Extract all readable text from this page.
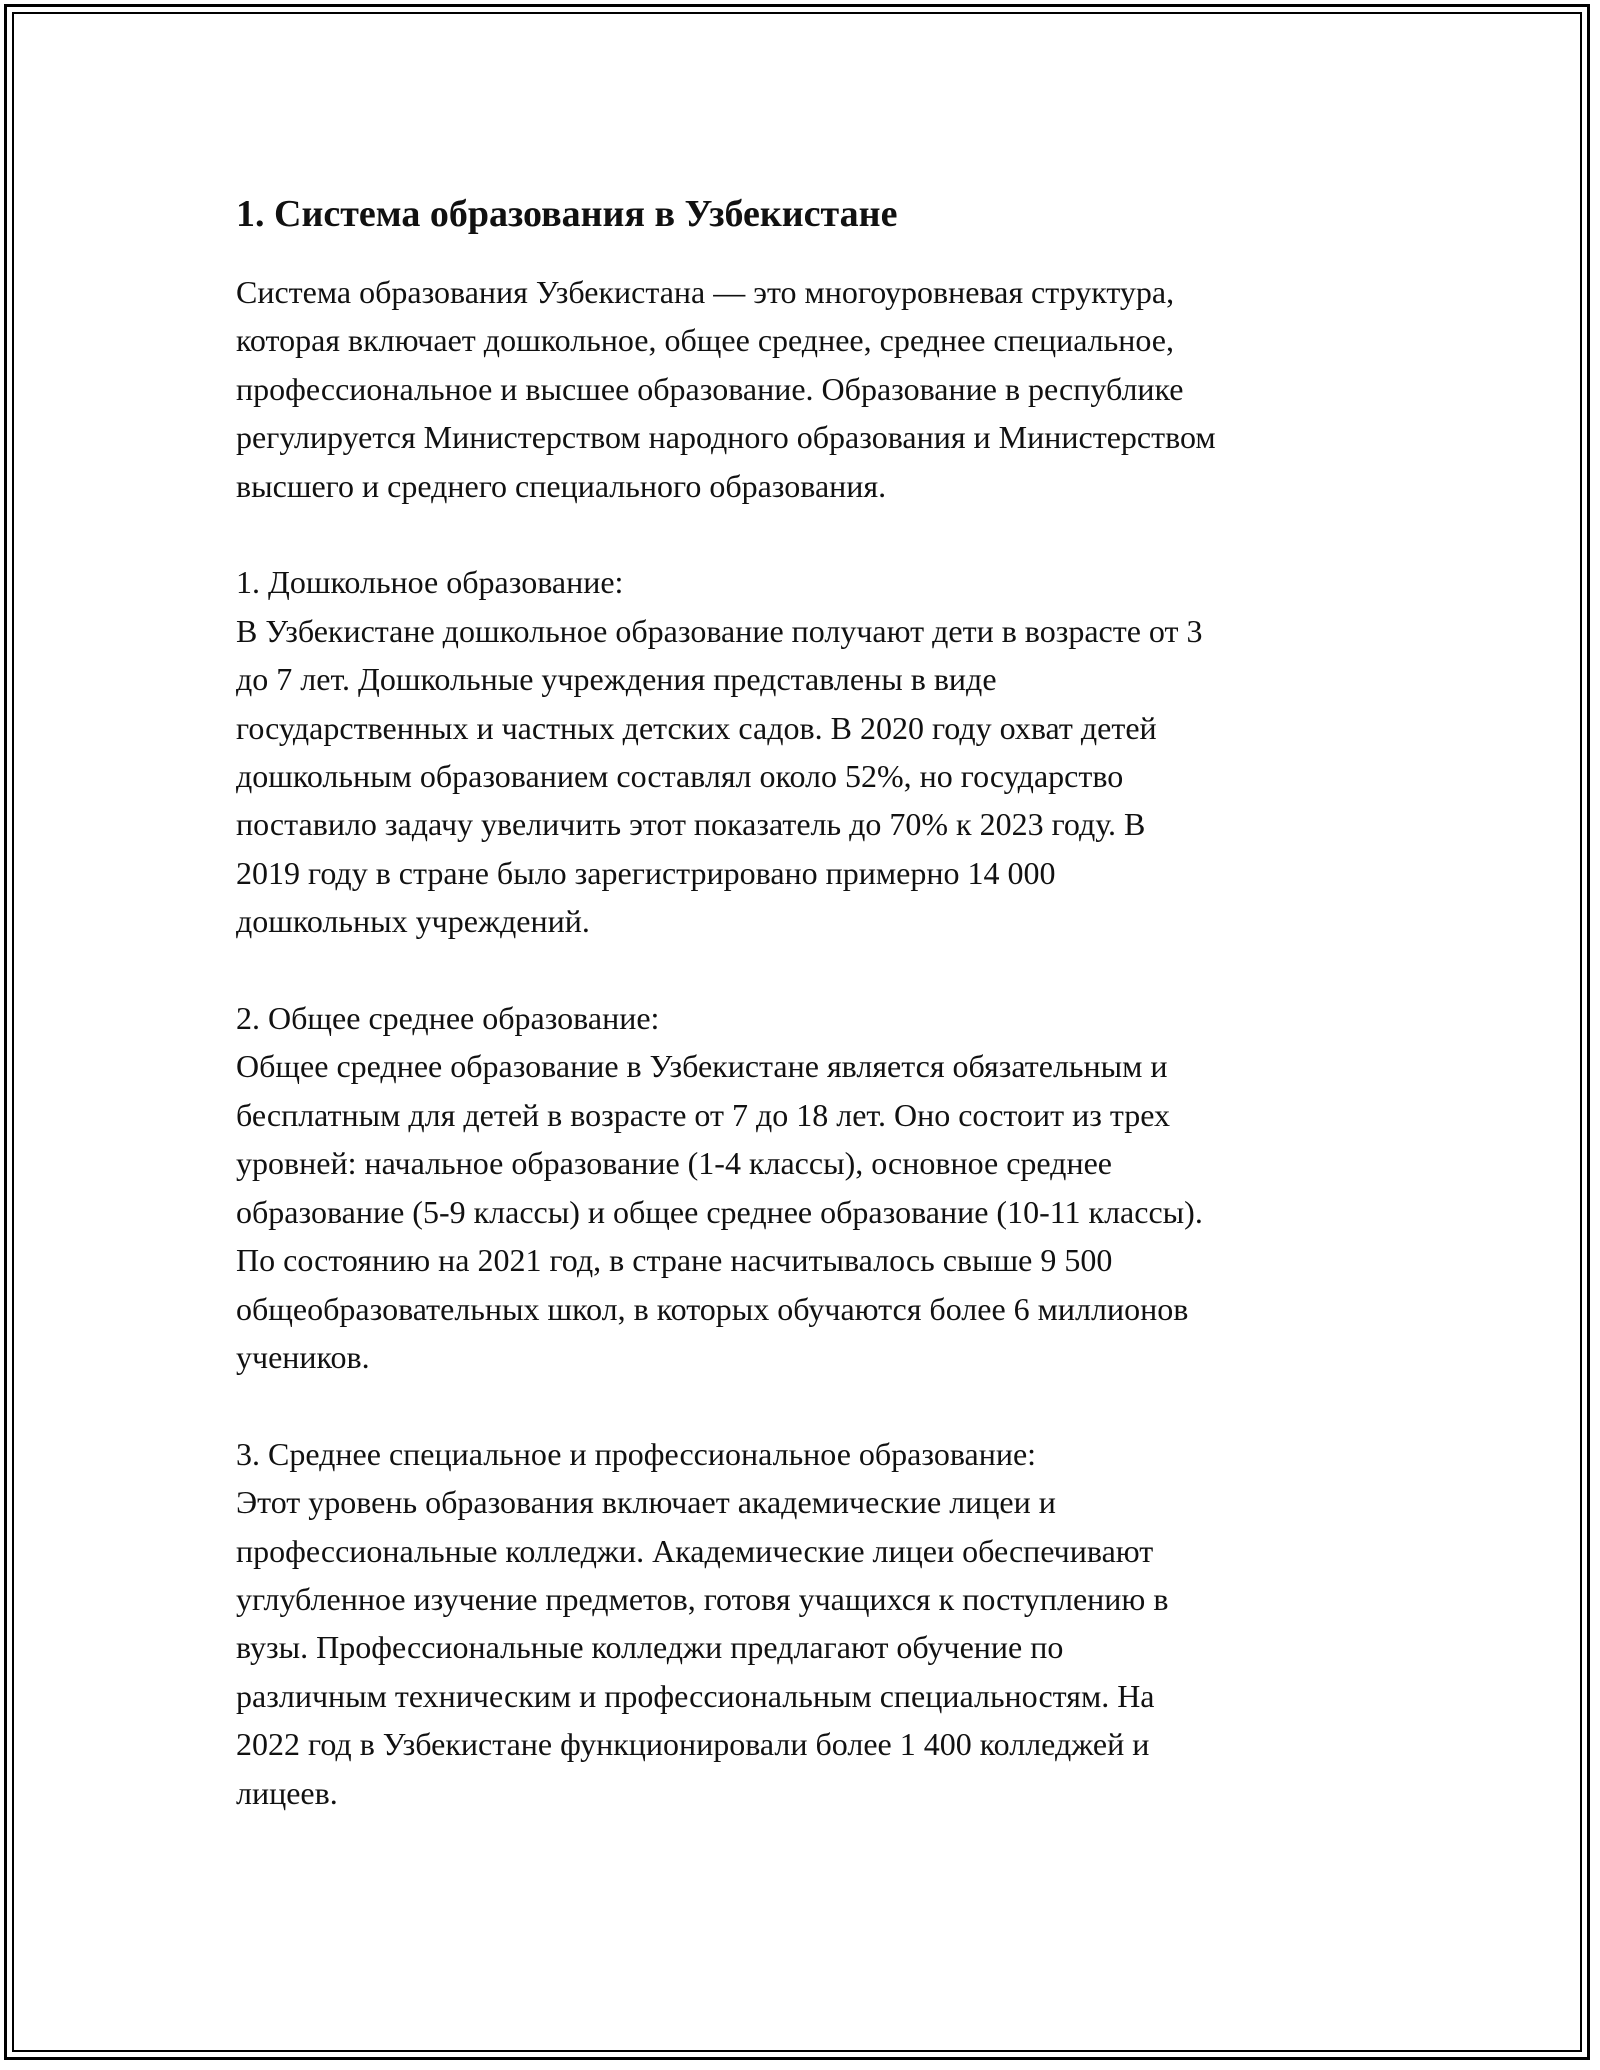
1. Система образования в Узбекистане
Система образования Узбекистана — это многоуровневая структура,
которая включает дошкольное, общее среднее, среднее специальное,
профессиональное и высшее образование. Образование в республике
регулируется Министерством народного образования и Министерством
высшего и среднего специального образования.
1. Дошкольное образование:
В Узбекистане дошкольное образование получают дети в возрасте от 3
до 7 лет. Дошкольные учреждения представлены в виде
государственных и частных детских садов. В 2020 году охват детей
дошкольным образованием составлял около 52%, но государство
поставило задачу увеличить этот показатель до 70% к 2023 году. В
2019 году в стране было зарегистрировано примерно 14 000
дошкольных учреждений.
2. Общее среднее образование:
Общее среднее образование в Узбекистане является обязательным и
бесплатным для детей в возрасте от 7 до 18 лет. Оно состоит из трех
уровней: начальное образование (1-4 классы), основное среднее
образование (5-9 классы) и общее среднее образование (10-11 классы).
По состоянию на 2021 год, в стране насчитывалось свыше 9 500
общеобразовательных школ, в которых обучаются более 6 миллионов
учеников.
3. Среднее специальное и профессиональное образование:
Этот уровень образования включает академические лицеи и
профессиональные колледжи. Академические лицеи обеспечивают
углубленное изучение предметов, готовя учащихся к поступлению в
вузы. Профессиональные колледжи предлагают обучение по
различным техническим и профессиональным специальностям. На
2022 год в Узбекистане функционировали более 1 400 колледжей и
лицеев.
